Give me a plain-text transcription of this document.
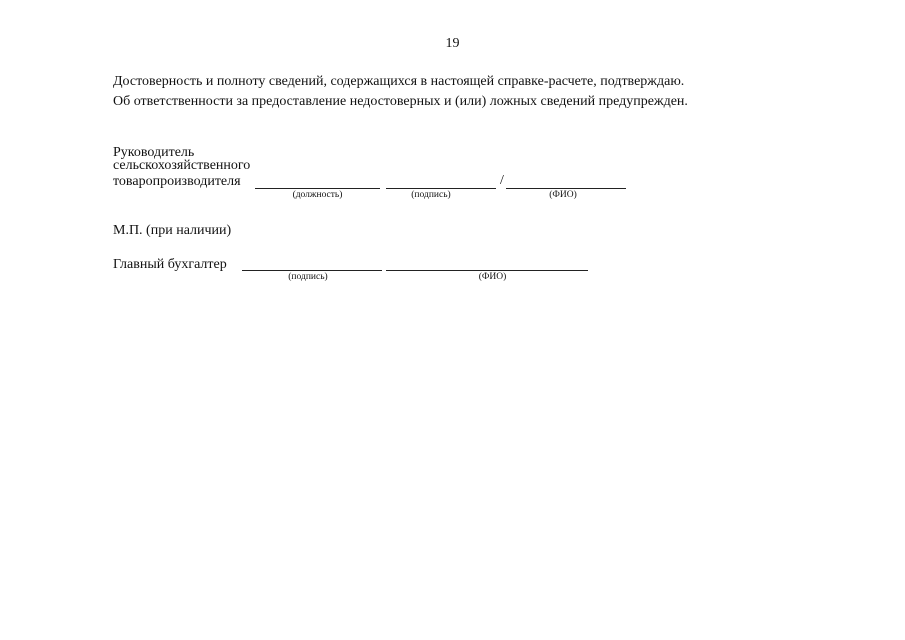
19
Достоверность и полноту сведений, содержащихся в настоящей справке-расчете, подтверждаю.
Об ответственности за предоставление недостоверных и (или) ложных сведений предупрежден.
Руководитель
сельскохозяйственного
товаропроизводителя	/
(должность)	(подпись)	(ФИО)
М.П. (при наличии)
Главный бухгалтер
(подпись)	(ФИО)
